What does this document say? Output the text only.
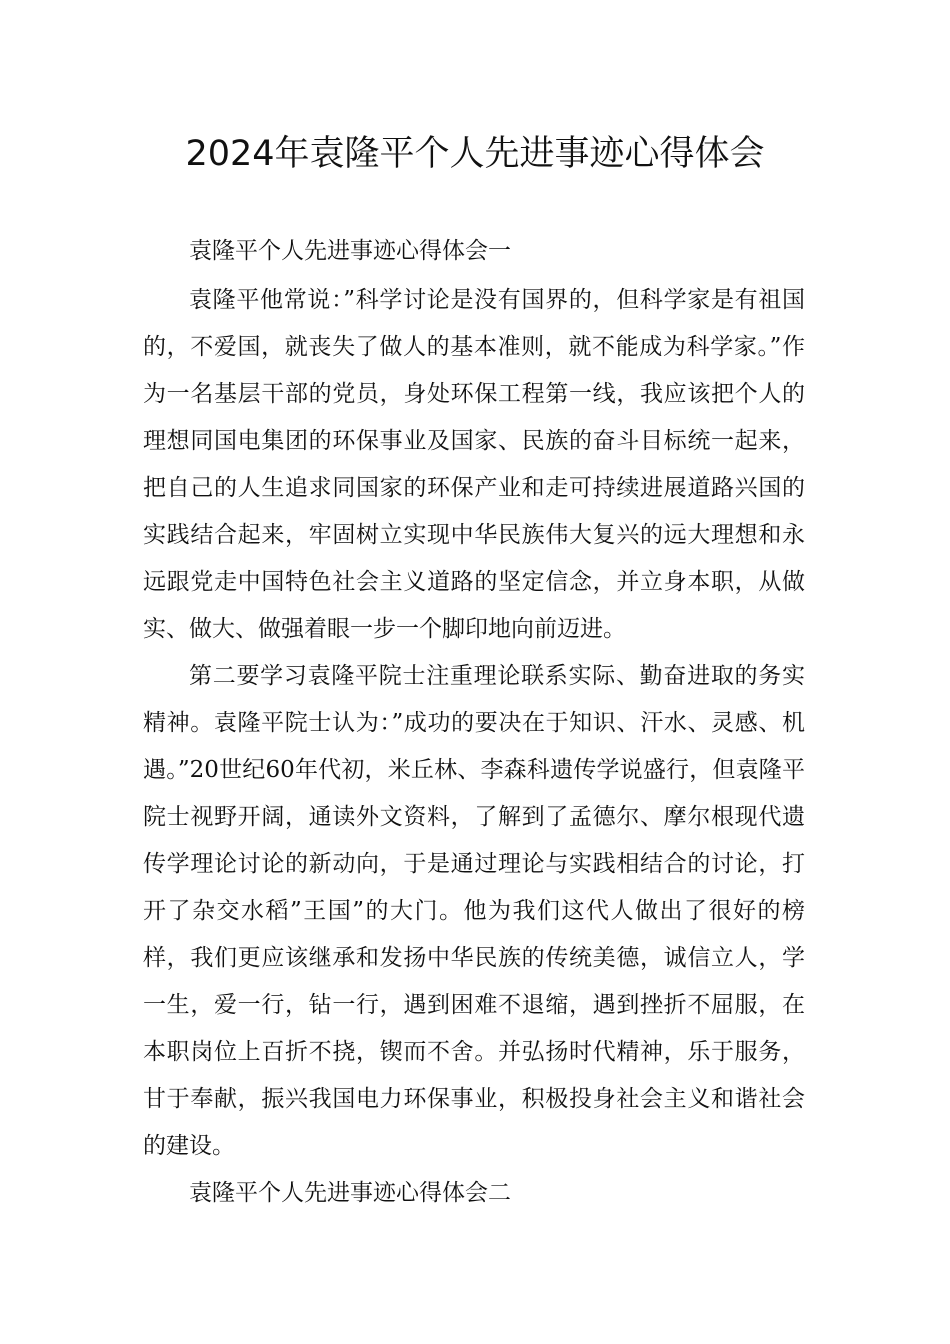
2024年袁隆平个人先进事迹心得体会

袁隆平个人先进事迹心得体会一

袁隆平他常说：”科学讨论是没有国界的，但科学家是有祖国的，不爱国，就丧失了做人的基本准则，就不能成为科学家。”作为一名基层干部的党员，身处环保工程第一线，我应该把个人的理想同国电集团的环保事业及国家、民族的奋斗目标统一起来，把自己的人生追求同国家的环保产业和走可持续进展道路兴国的实践结合起来，牢固树立实现中华民族伟大复兴的远大理想和永远跟党走中国特色社会主义道路的坚定信念，并立身本职，从做实、做大、做强着眼一步一个脚印地向前迈进。

第二要学习袁隆平院士注重理论联系实际、勤奋进取的务实精神。袁隆平院士认为：”成功的要决在于知识、汗水、灵感、机遇。”20世纪60年代初，米丘林、李森科遗传学说盛行，但袁隆平院士视野开阔，通读外文资料，了解到了孟德尔、摩尔根现代遗传学理论讨论的新动向，于是通过理论与实践相结合的讨论，打开了杂交水稻”王国”的大门。他为我们这代人做出了很好的榜样，我们更应该继承和发扬中华民族的传统美德，诚信立人，学一生，爱一行，钻一行，遇到困难不退缩，遇到挫折不屈服，在本职岗位上百折不挠，锲而不舍。并弘扬时代精神，乐于服务，甘于奉献，振兴我国电力环保事业，积极投身社会主义和谐社会的建设。

袁隆平个人先进事迹心得体会二
